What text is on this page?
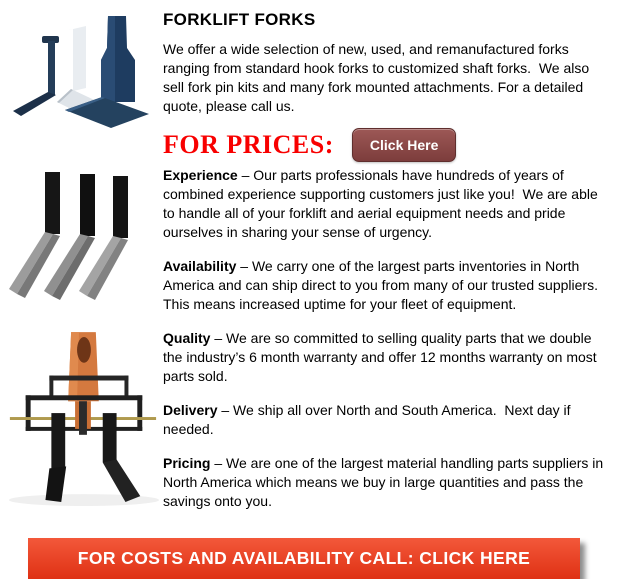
FORKLIFT FORKS

We offer a wide selection of new, used, and remanufactured forks ranging from standard hook forks to customized shaft forks.  We also sell fork pin kits and many fork mounted attachments. For a detailed quote, please call us.

FOR PRICES:	Click Here

Experience – Our parts professionals have hundreds of years of combined experience supporting customers just like you!  We are able to handle all of your forklift and aerial equipment needs and pride ourselves in sharing your sense of urgency.

Availability – We carry one of the largest parts inventories in North America and can ship direct to you from many of our trusted suppliers. This means increased uptime for your fleet of equipment.

Quality – We are so committed to selling quality parts that we double the industry’s 6 month warranty and offer 12 months warranty on most parts sold.

Delivery – We ship all over North and South America.  Next day if needed.

Pricing – We are one of the largest material handling parts suppliers in North America which means we buy in large quantities and pass the savings onto you.

FOR COSTS AND AVAILABILITY CALL: CLICK HERE
